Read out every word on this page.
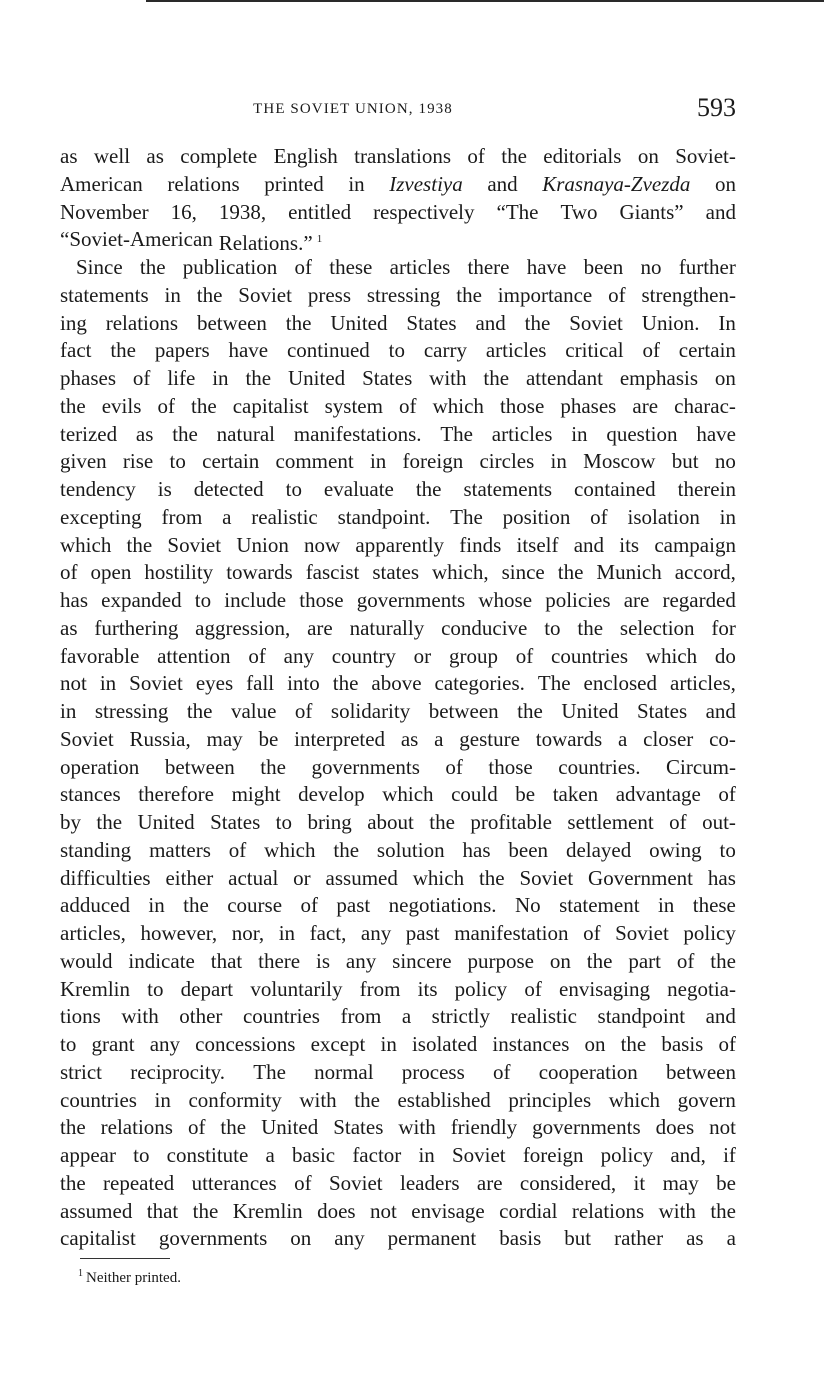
THE SOVIET UNION, 1938	593
as well as complete English translations of the editorials on Soviet-
American relations printed in Izvestiya and Krasnaya-Zvezda on
November 16, 1938, entitled respectively “The Two Giants” and
“Soviet-American Relations.” $^1$
Since the publication of these articles there have been no further
statements in the Soviet press stressing the importance of strengthen-
ing relations between the United States and the Soviet Union. In
fact the papers have continued to carry articles critical of certain
phases of life in the United States with the attendant emphasis on
the evils of the capitalist system of which those phases are charac-
terized as the natural manifestations. The articles in question have
given rise to certain comment in foreign circles in Moscow but no
tendency is detected to evaluate the statements contained therein
excepting from a realistic standpoint. The position of isolation in
which the Soviet Union now apparently finds itself and its campaign
of open hostility towards fascist states which, since the Munich accord,
has expanded to include those governments whose policies are regarded
as furthering aggression, are naturally conducive to the selection for
favorable attention of any country or group of countries which do
not in Soviet eyes fall into the above categories. The enclosed articles,
in stressing the value of solidarity between the United States and
Soviet Russia, may be interpreted as a gesture towards a closer co-
operation between the governments of those countries. Circum-
stances therefore might develop which could be taken advantage of
by the United States to bring about the profitable settlement of out-
standing matters of which the solution has been delayed owing to
difficulties either actual or assumed which the Soviet Government has
adduced in the course of past negotiations. No statement in these
articles, however, nor, in fact, any past manifestation of Soviet policy
would indicate that there is any sincere purpose on the part of the
Kremlin to depart voluntarily from its policy of envisaging negotia-
tions with other countries from a strictly realistic standpoint and
to grant any concessions except in isolated instances on the basis of
strict reciprocity. The normal process of cooperation between
countries in conformity with the established principles which govern
the relations of the United States with friendly governments does not
appear to constitute a basic factor in Soviet foreign policy and, if
the repeated utterances of Soviet leaders are considered, it may be
assumed that the Kremlin does not envisage cordial relations with the
capitalist governments on any permanent basis but rather as a
$^1$ Neither printed.
